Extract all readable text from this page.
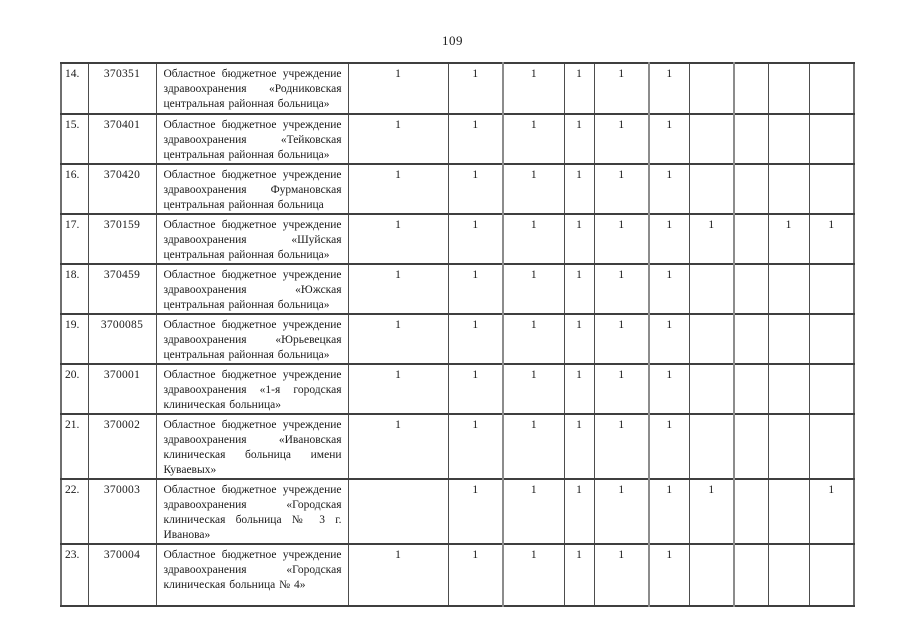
109
14.	370351	Областное бюджетное учреждение здравоохранения «Родниковская центральная районная больница»	1	1	1	1	1	1				
15.	370401	Областное бюджетное учреждение здравоохранения «Тейковская центральная районная больница»	1	1	1	1	1	1				
16.	370420	Областное бюджетное учреждение здравоохранения Фурмановская центральная районная больница	1	1	1	1	1	1				
17.	370159	Областное бюджетное учреждение здравоохранения «Шуйская центральная районная больница»	1	1	1	1	1	1	1		1	1
18.	370459	Областное бюджетное учреждение здравоохранения «Южская центральная районная больница»	1	1	1	1	1	1				
19.	3700085	Областное бюджетное учреждение здравоохранения «Юрьевецкая центральная районная больница»	1	1	1	1	1	1				
20.	370001	Областное бюджетное учреждение здравоохранения «1-я городская клиническая больница»	1	1	1	1	1	1				
21.	370002	Областное бюджетное учреждение здравоохранения «Ивановская клиническая больница имени Куваевых»	1	1	1	1	1	1				
22.	370003	Областное бюджетное учреждение здравоохранения «Городская клиническая больница № 3 г. Иванова»		1	1	1	1	1	1			1
23.	370004	Областное бюджетное учреждение здравоохранения «Городская клиническая больница № 4»	1	1	1	1	1	1				
